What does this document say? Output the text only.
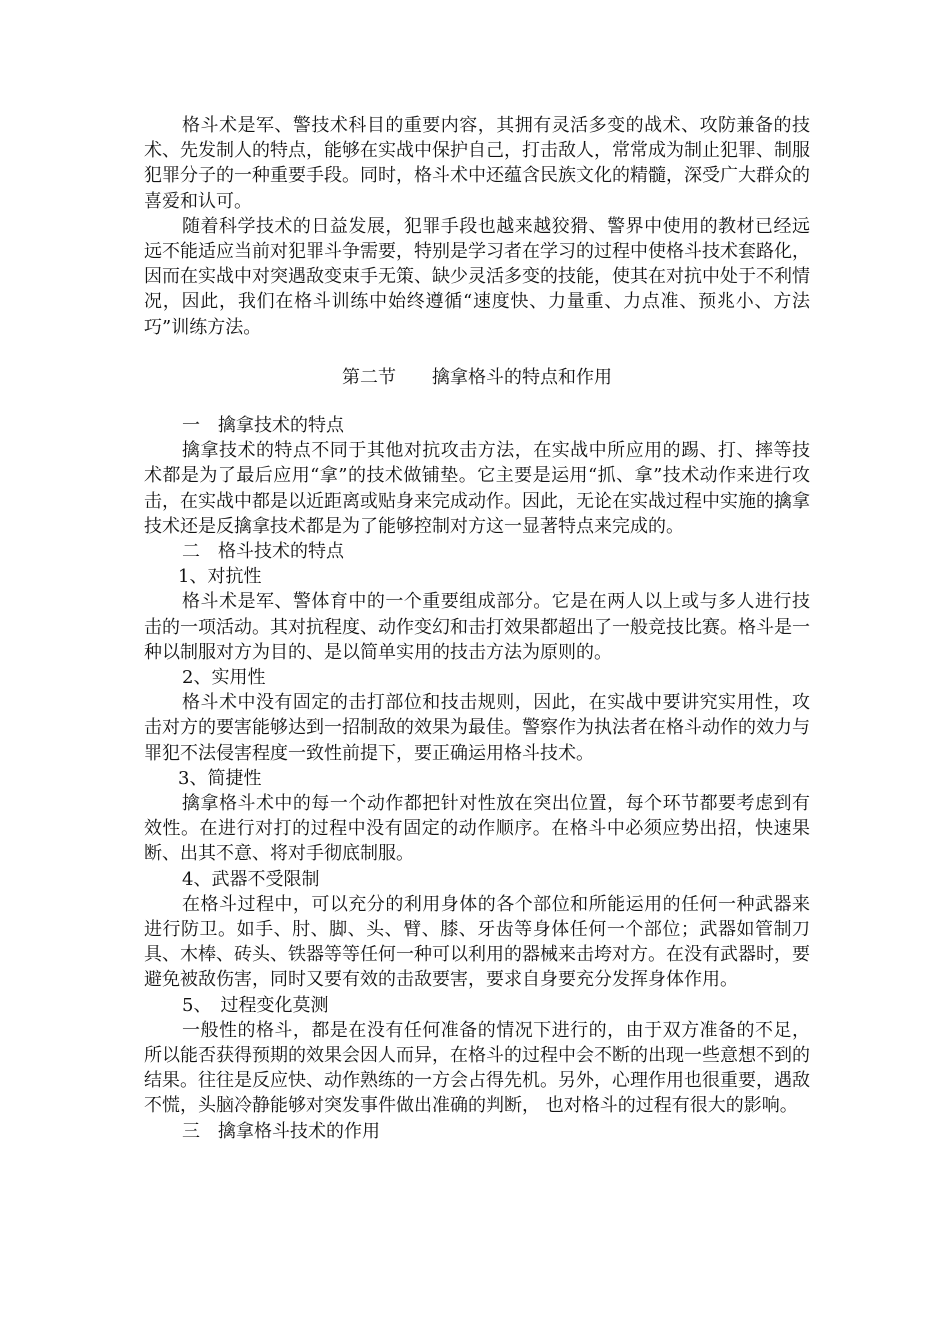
格斗术是军、警技术科目的重要内容，其拥有灵活多变的战术、攻防兼备的技术、先发制人的特点，能够在实战中保护自己，打击敌人，常常成为制止犯罪、制服犯罪分子的一种重要手段。同时，格斗术中还蕴含民族文化的精髓，深受广大群众的喜爱和认可。

随着科学技术的日益发展，犯罪手段也越来越狡猾、警界中使用的教材已经远远不能适应当前对犯罪斗争需要，特别是学习者在学习的过程中使格斗技术套路化，因而在实战中对突遇敌变束手无策、缺少灵活多变的技能，使其在对抗中处于不利情况，因此，我们在格斗训练中始终遵循“速度快、力量重、力点准、预兆小、方法巧”训练方法。

第二节　　擒拿格斗的特点和作用

一　擒拿技术的特点

擒拿技术的特点不同于其他对抗攻击方法，在实战中所应用的踢、打、摔等技术都是为了最后应用“拿”的技术做铺垫。它主要是运用“抓、拿”技术动作来进行攻击，在实战中都是以近距离或贴身来完成动作。因此，无论在实战过程中实施的擒拿技术还是反擒拿技术都是为了能够控制对方这一显著特点来完成的。

二　格斗技术的特点

1、对抗性

格斗术是军、警体育中的一个重要组成部分。它是在两人以上或与多人进行技击的一项活动。其对抗程度、动作变幻和击打效果都超出了一般竞技比赛。格斗是一种以制服对方为目的、是以简单实用的技击方法为原则的。

2、实用性

格斗术中没有固定的击打部位和技击规则，因此，在实战中要讲究实用性，攻击对方的要害能够达到一招制敌的效果为最佳。警察作为执法者在格斗动作的效力与罪犯不法侵害程度一致性前提下，要正确运用格斗技术。

3、简捷性

擒拿格斗术中的每一个动作都把针对性放在突出位置，每个环节都要考虑到有效性。在进行对打的过程中没有固定的动作顺序。在格斗中必须应势出招，快速果断、出其不意、将对手彻底制服。

4、武器不受限制

在格斗过程中，可以充分的利用身体的各个部位和所能运用的任何一种武器来进行防卫。如手、肘、脚、头、臂、膝、牙齿等身体任何一个部位；武器如管制刀具、木棒、砖头、铁器等等任何一种可以利用的器械来击垮对方。在没有武器时，要避免被敌伤害，同时又要有效的击敌要害，要求自身要充分发挥身体作用。

5、　过程变化莫测

一般性的格斗，都是在没有任何准备的情况下进行的，由于双方准备的不足，所以能否获得预期的效果会因人而异，在格斗的过程中会不断的出现一些意想不到的结果。往往是反应快、动作熟练的一方会占得先机。另外，心理作用也很重要，遇敌不慌，头脑冷静能够对突发事件做出准确的判断， 也对格斗的过程有很大的影响。

三　擒拿格斗技术的作用
